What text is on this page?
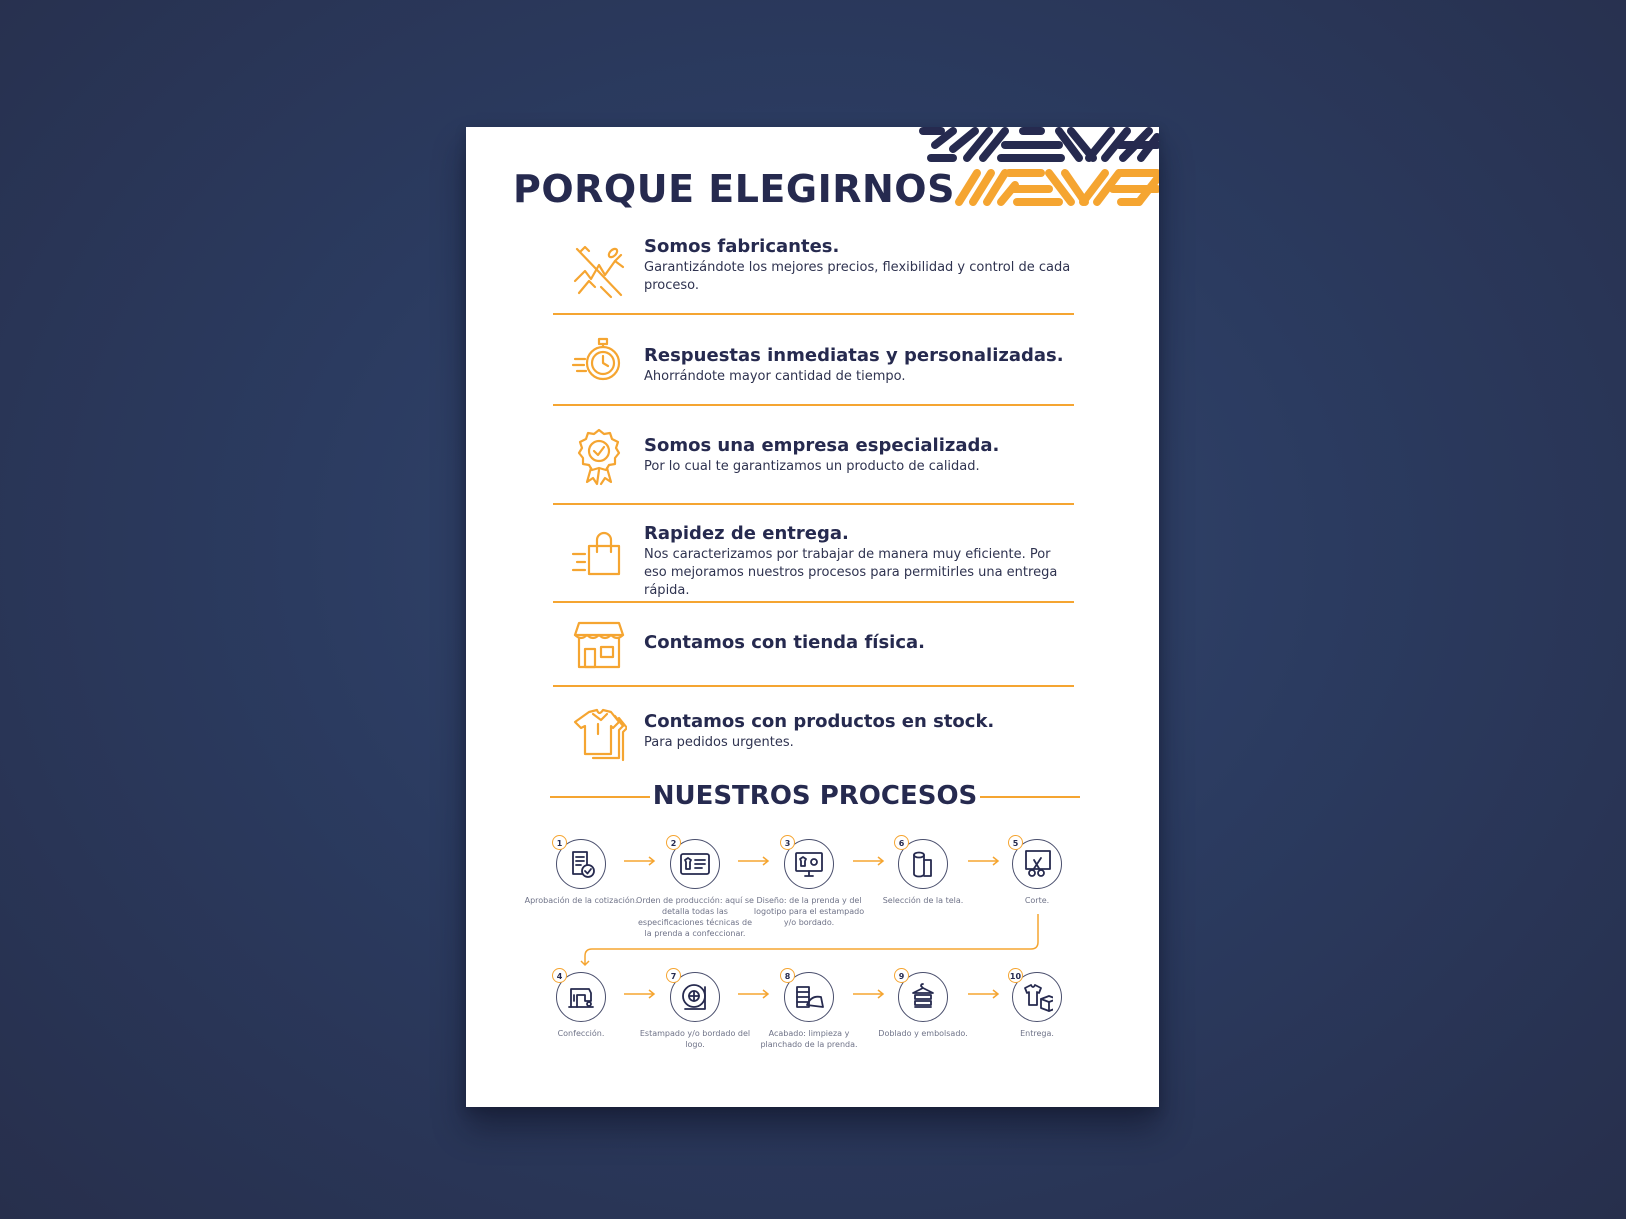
PORQUE ELEGIRNOS
Somos fabricantes.
Garantizándote los mejores precios, flexibilidad y control de cada proceso.
Respuestas inmediatas y personalizadas.
Ahorrándote mayor cantidad de tiempo.
Somos una empresa especializada.
Por lo cual te garantizamos un producto de calidad.
Rapidez de entrega.
Nos caracterizamos por trabajar de manera muy eficiente. Por eso mejoramos nuestros procesos para permitirles una entrega rápida.
Contamos con tienda física.
Contamos con productos en stock.
Para pedidos urgentes.
NUESTROS PROCESOS
1
Aprobación de la cotización.
2
Orden de producción: aquí se detalla todas las especificaciones técnicas de la prenda a confeccionar.
3
Diseño: de la prenda y del logotipo para el estampado y/o bordado.
6
Selección de la tela.
5
Corte.
4
Confección.
7
Estampado y/o bordado del logo.
8
Acabado: limpieza y planchado de la prenda.
9
Doblado y embolsado.
10
Entrega.
